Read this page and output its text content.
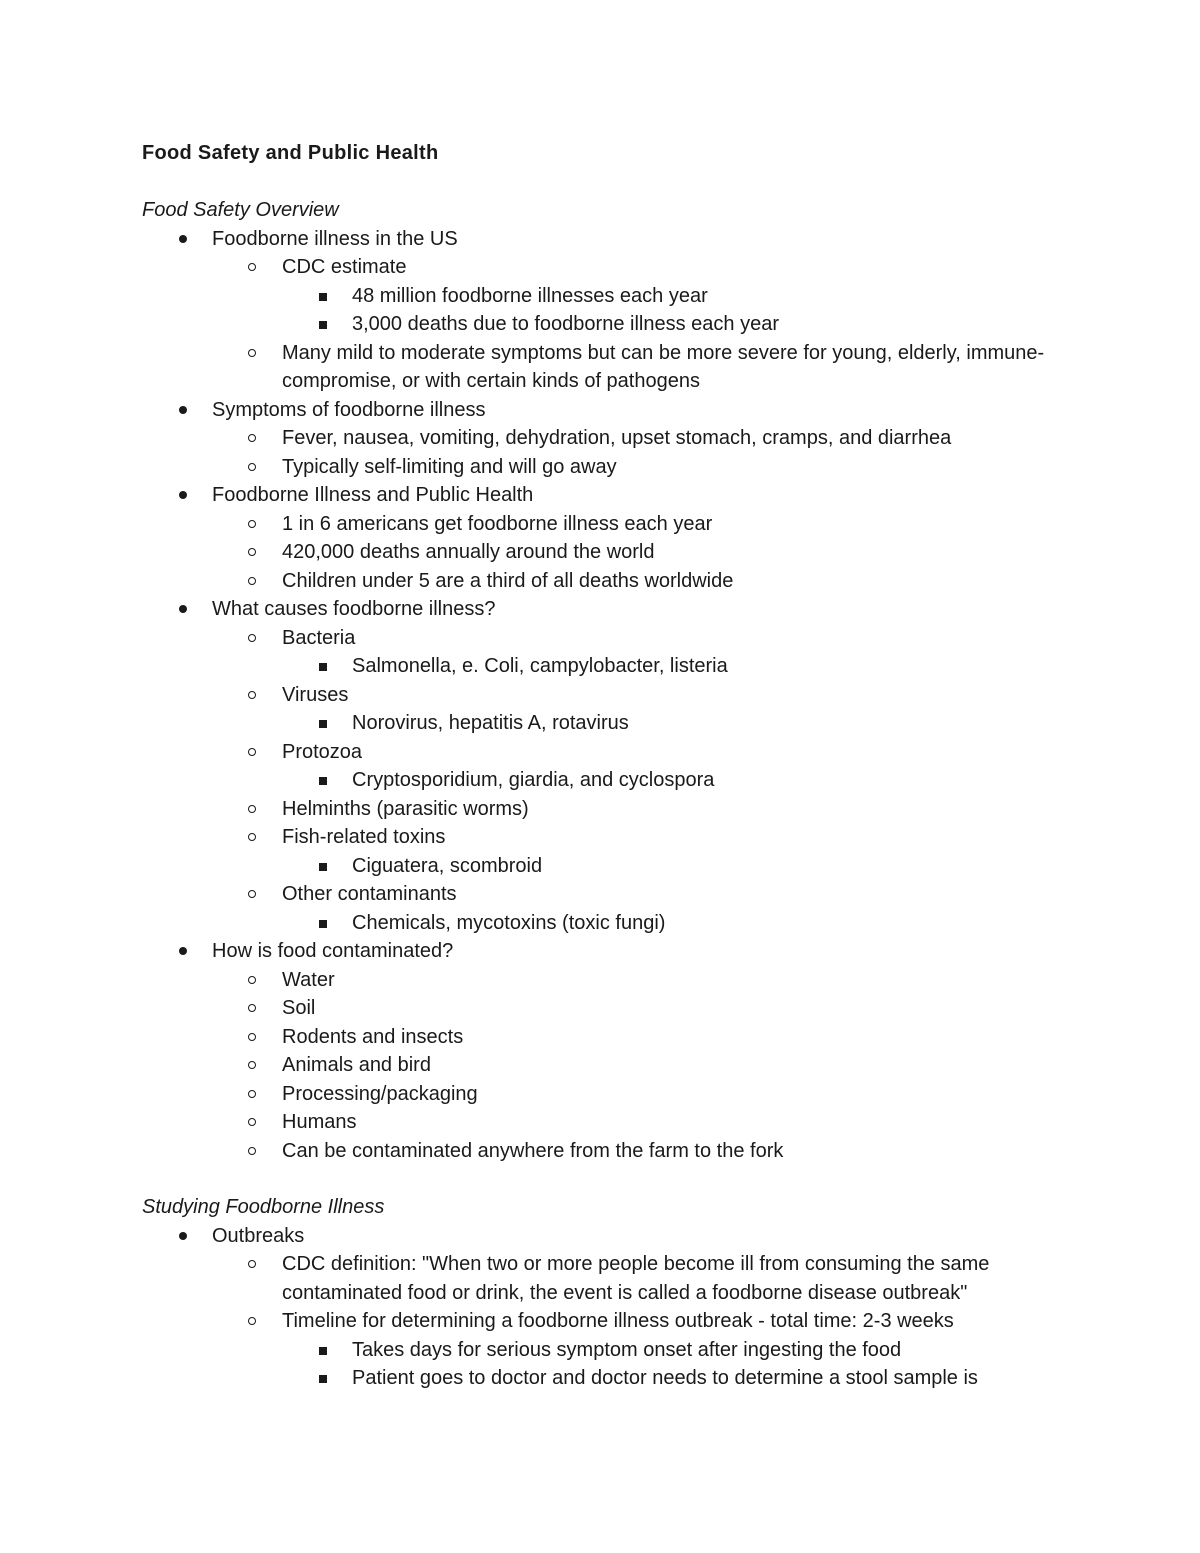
Food Safety and Public Health
Food Safety Overview
Foodborne illness in the US
CDC estimate
48 million foodborne illnesses each year
3,000 deaths due to foodborne illness each year
Many mild to moderate symptoms but can be more severe for young, elderly, immune-compromise, or with certain kinds of pathogens
Symptoms of foodborne illness
Fever, nausea, vomiting, dehydration, upset stomach, cramps, and diarrhea
Typically self-limiting and will go away
Foodborne Illness and Public Health
1 in 6 americans get foodborne illness each year
420,000 deaths annually around the world
Children under 5 are a third of all deaths worldwide
What causes foodborne illness?
Bacteria
Salmonella, e. Coli, campylobacter, listeria
Viruses
Norovirus, hepatitis A, rotavirus
Protozoa
Cryptosporidium, giardia, and cyclospora
Helminths (parasitic worms)
Fish-related toxins
Ciguatera, scombroid
Other contaminants
Chemicals, mycotoxins (toxic fungi)
How is food contaminated?
Water
Soil
Rodents and insects
Animals and bird
Processing/packaging
Humans
Can be contaminated anywhere from the farm to the fork
Studying Foodborne Illness
Outbreaks
CDC definition: "When two or more people become ill from consuming the same contaminated food or drink, the event is called a foodborne disease outbreak"
Timeline for determining a foodborne illness outbreak - total time: 2-3 weeks
Takes days for serious symptom onset after ingesting the food
Patient goes to doctor and doctor needs to determine a stool sample is
